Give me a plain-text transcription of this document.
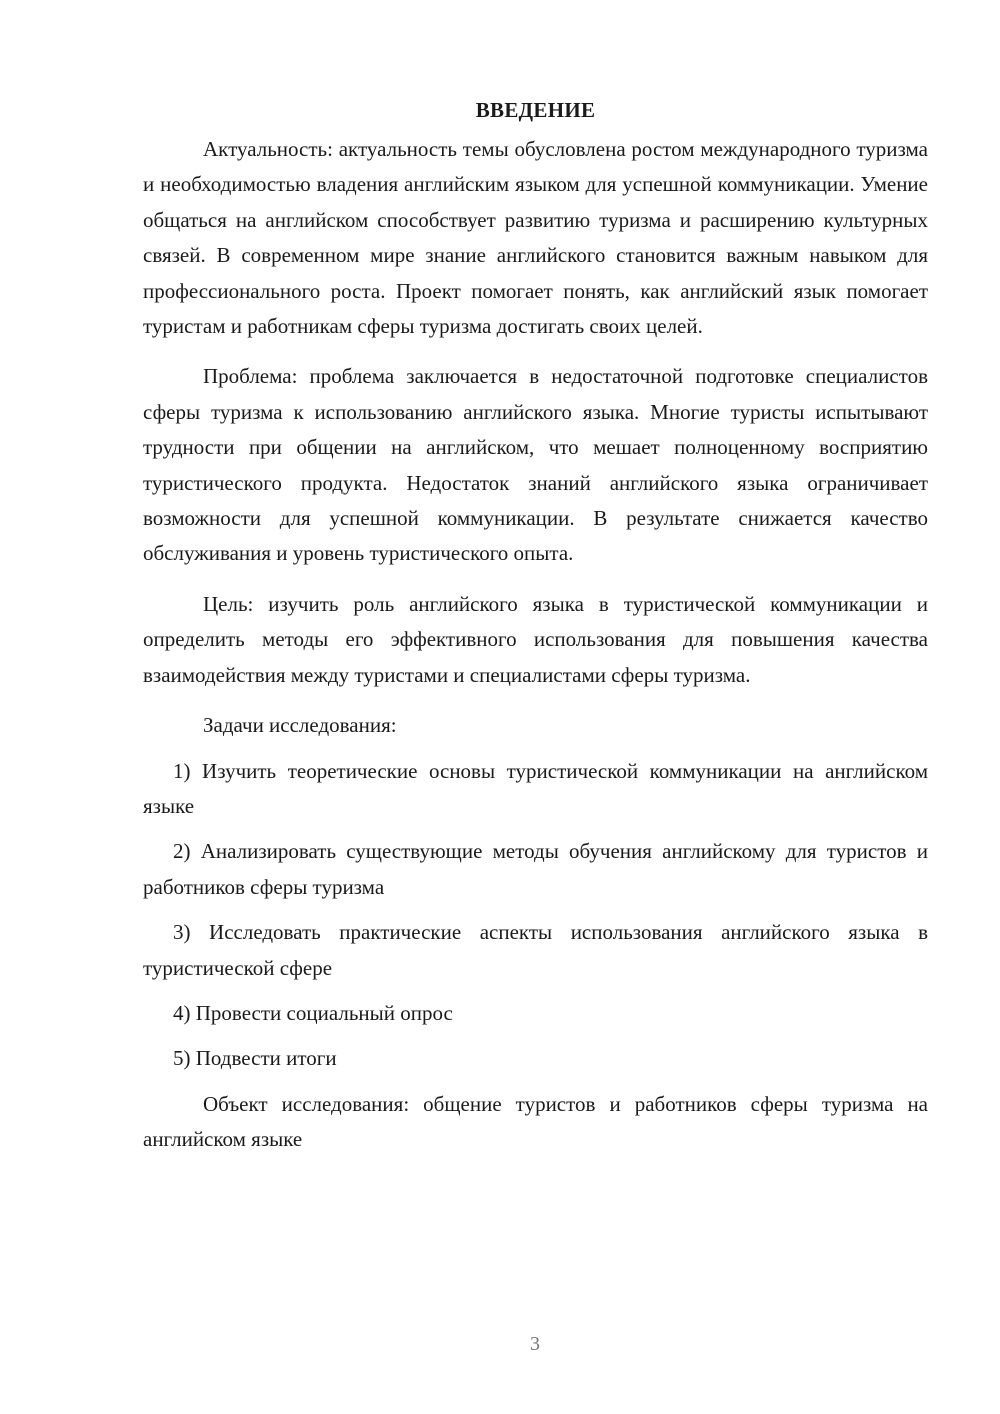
ВВЕДЕНИЕ

Актуальность: актуальность темы обусловлена ростом международного туризма и необходимостью владения английским языком для успешной коммуникации. Умение общаться на английском способствует развитию туризма и расширению культурных связей. В современном мире знание английского становится важным навыком для профессионального роста. Проект помогает понять, как английский язык помогает туристам и работникам сферы туризма достигать своих целей.

Проблема: проблема заключается в недостаточной подготовке специалистов сферы туризма к использованию английского языка. Многие туристы испытывают трудности при общении на английском, что мешает полноценному восприятию туристического продукта. Недостаток знаний английского языка ограничивает возможности для успешной коммуникации. В результате снижается качество обслуживания и уровень туристического опыта.

Цель: изучить роль английского языка в туристической коммуникации и определить методы его эффективного использования для повышения качества взаимодействия между туристами и специалистами сферы туризма.

Задачи исследования:

1) Изучить теоретические основы туристической коммуникации на английском языке

2) Анализировать существующие методы обучения английскому для туристов и работников сферы туризма

3) Исследовать практические аспекты использования английского языка в туристической сфере

4) Провести социальный опрос

5) Подвести итоги

Объект исследования: общение туристов и работников сферы туризма на английском языке

3
